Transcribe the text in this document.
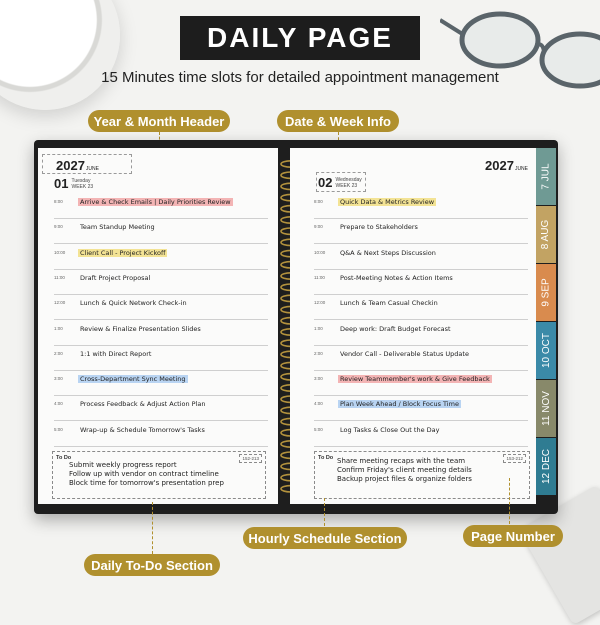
DAILY PAGE
15 Minutes time slots for detailed appointment management
Year & Month Header	Date & Week Info
2027JUNE
01 Tuesday
WEEK 23
8:00	Arrive & Check Emails | Daily Priorities Review
9:00	Team Standup Meeting
10:00	Client Call - Project Kickoff
11:00	Draft Project Proposal
12:00	Lunch & Quick Network Check-in
1:00	Review & Finalize Presentation Slides
2:00	1:1 with Direct Report
3:00	Cross-Department Sync Meeting
4:00	Process Feedback & Adjust Action Plan
5:00	Wrap-up & Schedule Tomorrow's Tasks
To Do
Submit weekly progress report
Follow up with vendor on contract timeline
Block time for tomorrow's presentation prep
152-213
2027JUNE
02 Wednesday
WEEK 23
8:00	Quick Data & Metrics Review
9:00	Prepare to Stakeholders
10:00	Q&A & Next Steps Discussion
11:00	Post-Meeting Notes & Action Items
12:00	Lunch & Team Casual Checkin
1:00	Deep work: Draft Budget Forecast
2:00	Vendor Call - Deliverable Status Update
3:00	Review Teammember's work & Give Feedback
4:00	Plan Week Ahead / Block Focus Time
5:00	Log Tasks & Close Out the Day
To Do Share meeting recaps with the team
Confirm Friday's client meeting details
Backup project files & organize folders
153-212
7 JUL
8 AUG
9 SEP
10 OCT
11 NOV
12 DEC
Daily To-Do Section
Hourly Schedule Section	Page Number
